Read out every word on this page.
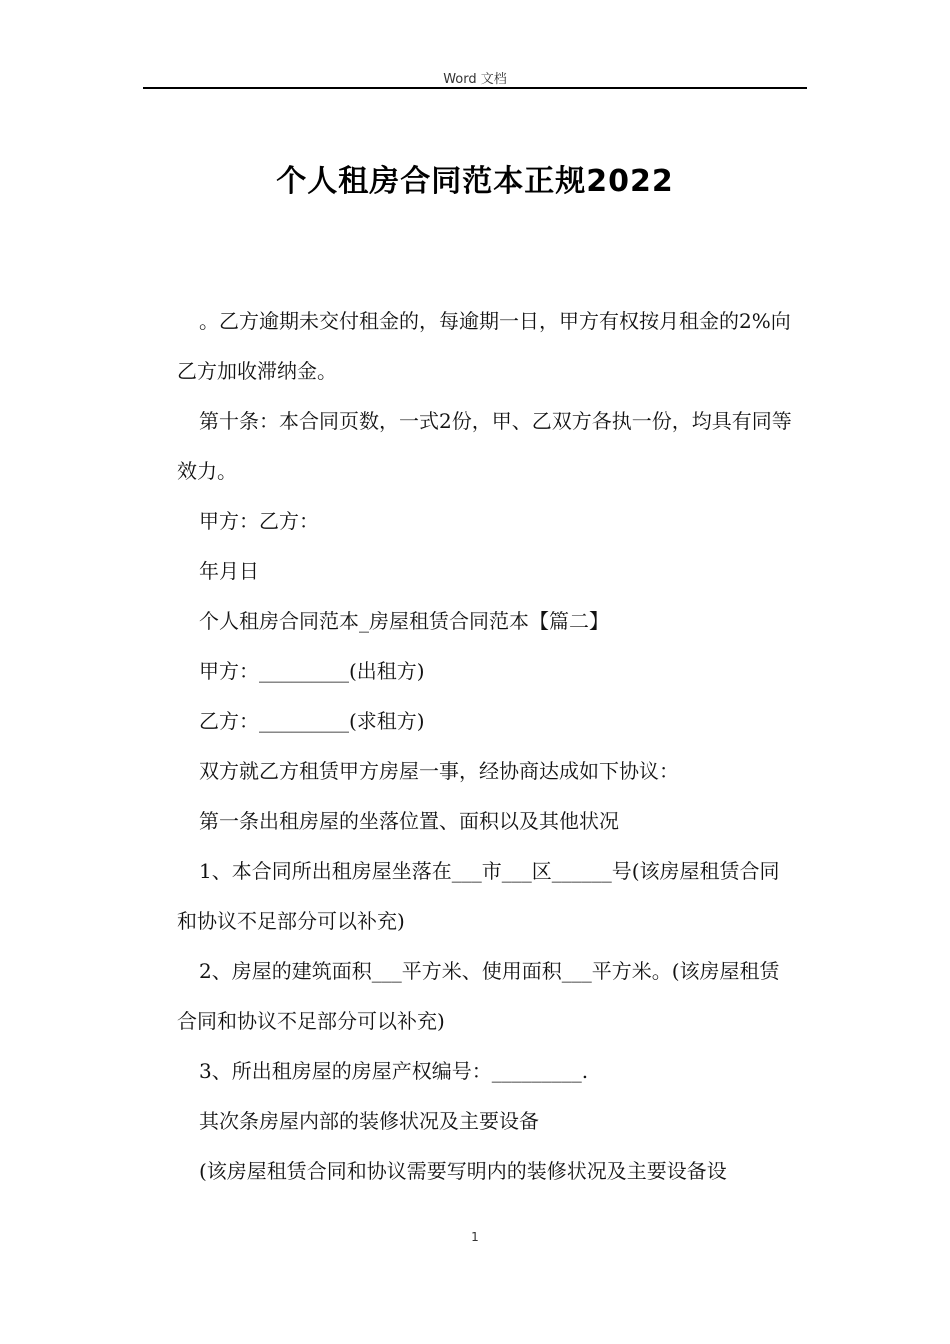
Word 文档
个人租房合同范本正规2022

。乙方逾期未交付租金的，每逾期一日，甲方有权按月租金的2%向乙方加收滞纳金。

第十条：本合同页数，一式2份，甲、乙双方各执一份，均具有同等效力。

甲方：乙方：

年月日

个人租房合同范本_房屋租赁合同范本【篇二】

甲方：_________(出租方)

乙方：_________(求租方)

双方就乙方租赁甲方房屋一事，经协商达成如下协议：

第一条出租房屋的坐落位置、面积以及其他状况

1、本合同所出租房屋坐落在___市___区______号(该房屋租赁合同和协议不足部分可以补充)

2、房屋的建筑面积___平方米、使用面积___平方米。(该房屋租赁合同和协议不足部分可以补充)

3、所出租房屋的房屋产权编号：_________.

其次条房屋内部的装修状况及主要设备

(该房屋租赁合同和协议需要写明内的装修状况及主要设备设

1
